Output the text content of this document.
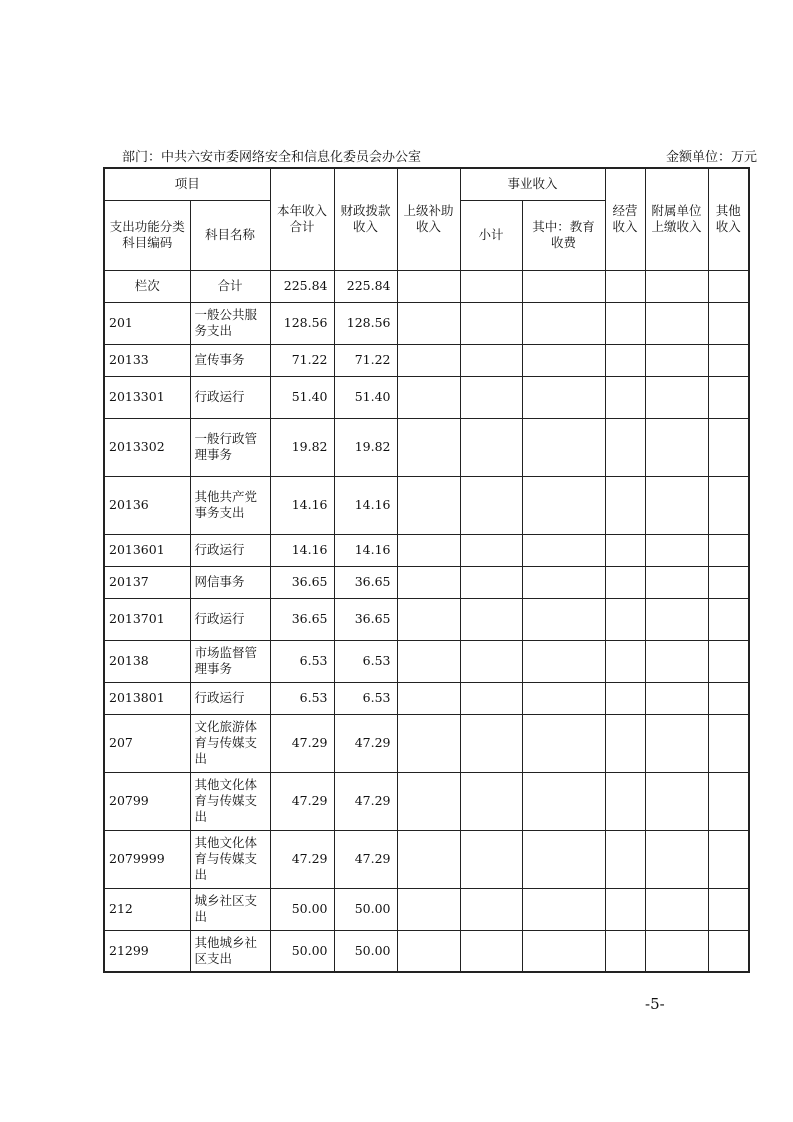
部门：中共六安市委网络安全和信息化委员会办公室	金额单位：万元
项目		本年收入合计	财政拨款收入	上级补助收入	事业收入		经营收入	附属单位上缴收入	其他收入
支出功能分类科目编码	科目名称				小计	其中：教育收费			

栏次	合计	225.84	225.84						
201	一般公共服务支出	128.56	128.56						
20133	宣传事务	71.22	71.22						
2013301	行政运行	51.40	51.40						
2013302	一般行政管理事务	19.82	19.82						
20136	其他共产党事务支出	14.16	14.16						
2013601	行政运行	14.16	14.16						
20137	网信事务	36.65	36.65						
2013701	行政运行	36.65	36.65						
20138	市场监督管理事务	6.53	6.53						
2013801	行政运行	6.53	6.53						
207	文化旅游体育与传媒支出	47.29	47.29						
20799	其他文化体育与传媒支出	47.29	47.29						
2079999	其他文化体育与传媒支出	47.29	47.29						
212	城乡社区支出	50.00	50.00						
21299	其他城乡社区支出	50.00	50.00						
-5-
